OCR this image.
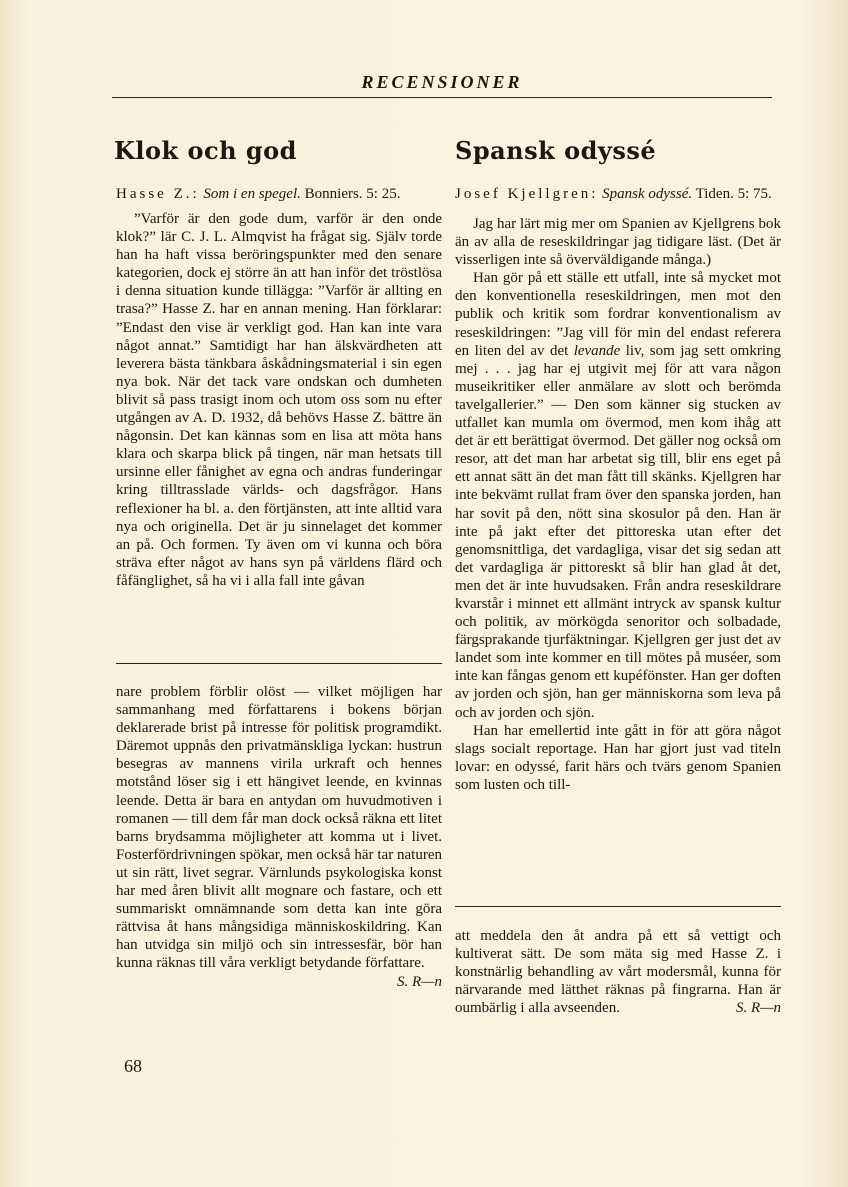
RECENSIONER
Klok och god
Hasse Z.: Som i en spegel. Bonniers. 5: 25.

”Varför är den gode dum, varför är den onde klok?” lär C. J. L. Almqvist ha frågat sig. Själv torde han ha haft vissa beröringspunkter med den senare kategorien, dock ej större än att han inför det tröstlösa i denna situation kunde tillägga: ”Varför är allting en trasa?” Hasse Z. har en annan mening. Han förklarar: ”Endast den vise är verkligt god. Han kan inte vara något annat.” Samtidigt har han älskvärdheten att leverera bästa tänkbara åskådningsmaterial i sin egen nya bok. När det tack vare ondskan och dumheten blivit så pass trasigt inom och utom oss som nu efter utgången av A. D. 1932, då behövs Hasse Z. bättre än någonsin. Det kan kännas som en lisa att möta hans klara och skarpa blick på tingen, när man hetsats till ursinne eller fånighet av egna och andras funderingar kring tilltrasslade världs- och dagsfrågor. Hans reflexioner ha bl. a. den förtjänsten, att inte alltid vara nya och originella. Det är ju sinnelaget det kommer an på. Och formen. Ty även om vi kunna och böra sträva efter något av hans syn på världens flärd och fåfänglighet, så ha vi i alla fall inte gåvan

nare problem förblir olöst — vilket möjligen har sammanhang med författarens i bokens början deklarerade brist på intresse för politisk programdikt. Däremot uppnås den privatmänskliga lyckan: hustrun besegras av mannens virila urkraft och hennes motstånd löser sig i ett hängivet leende, en kvinnas leende. Detta är bara en antydan om huvudmotiven i romanen — till dem får man dock också räkna ett litet barns brydsamma möjligheter att komma ut i livet. Fosterfördrivningen spökar, men också här tar naturen ut sin rätt, livet segrar. Värnlunds psykologiska konst har med åren blivit allt mognare och fastare, och ett summariskt omnämnande som detta kan inte göra rättvisa åt hans mångsidiga människoskildring. Kan han utvidga sin miljö och sin intressesfär, bör han kunna räknas till våra verkligt betydande författare.

S. R—n
Spansk odyssé
Josef Kjellgren: Spansk odyssé. Tiden. 5: 75.

Jag har lärt mig mer om Spanien av Kjellgrens bok än av alla de reseskildringar jag tidigare läst. (Det är visserligen inte så överväldigande många.)

Han gör på ett ställe ett utfall, inte så mycket mot den konventionella reseskildringen, men mot den publik och kritik som fordrar konventionalism av reseskildringen: ”Jag vill för min del endast referera en liten del av det levande liv, som jag sett omkring mej . . . jag har ej utgivit mej för att vara någon museikritiker eller anmälare av slott och berömda tavelgallerier.” — Den som känner sig stucken av utfallet kan mumla om övermod, men kom ihåg att det är ett berättigat övermod. Det gäller nog också om resor, att det man har arbetat sig till, blir ens eget på ett annat sätt än det man fått till skänks. Kjellgren har inte bekvämt rullat fram över den spanska jorden, han har sovit på den, nött sina skosulor på den. Han är inte på jakt efter det pittoreska utan efter det genomsnittliga, det vardagliga, visar det sig sedan att det vardagliga är pittoreskt så blir han glad åt det, men det är inte huvudsaken. Från andra reseskildrare kvarstår i minnet ett allmänt intryck av spansk kultur och politik, av mörkögda senoritor och solbadade, färgsprakande tjurfäktningar. Kjellgren ger just det av landet som inte kommer en till mötes på muséer, som inte kan fångas genom ett kupéfönster. Han ger doften av jorden och sjön, han ger människorna som leva på och av jorden och sjön.

Han har emellertid inte gått in för att göra något slags socialt reportage. Han har gjort just vad titeln lovar: en odyssé, farit härs och tvärs genom Spanien som lusten och till-

att meddela den åt andra på ett så vettigt och kultiverat sätt. De som mäta sig med Hasse Z. i konstnärlig behandling av vårt modersmål, kunna för närvarande med lätthet räknas på fingrarna. Han är oumbärlig i alla avseenden.	S. R—n
68
